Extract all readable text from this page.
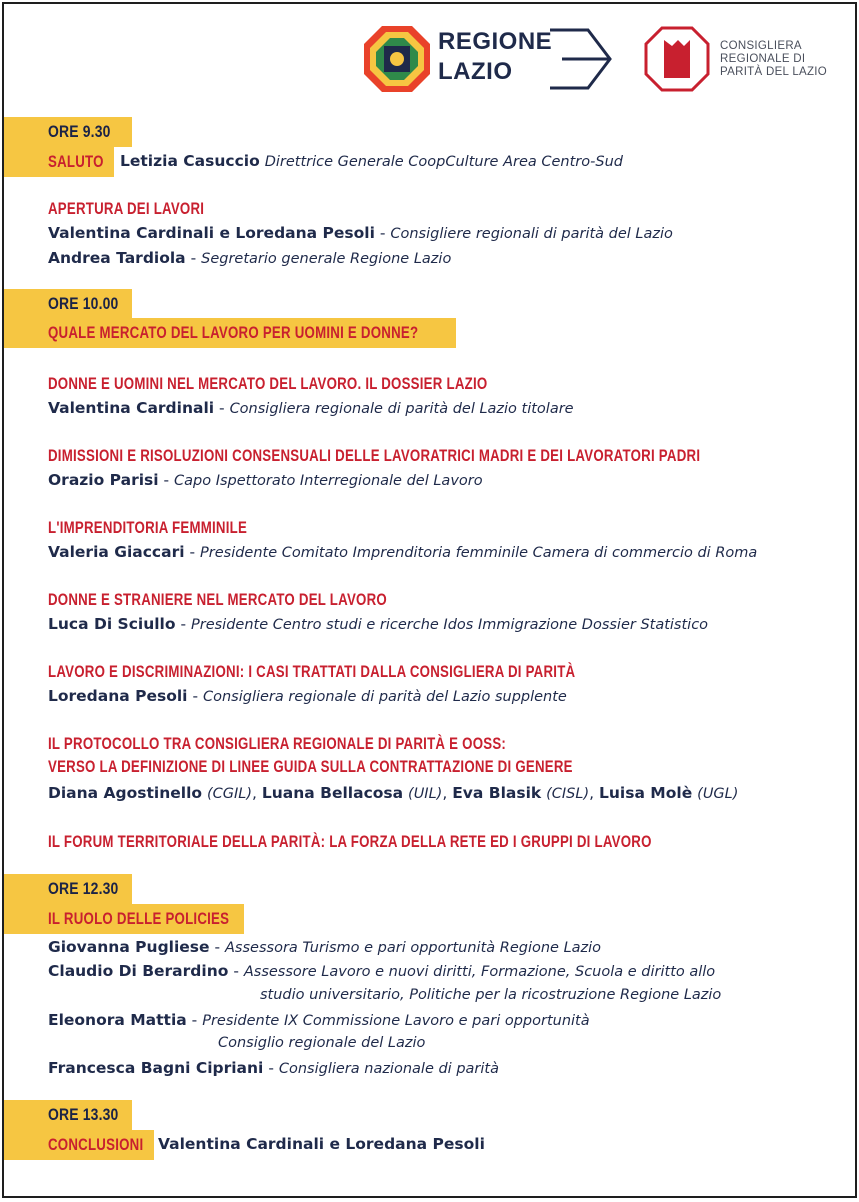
REGIONE
LAZIO
CONSIGLIERA
REGIONALE DI
PARITÀ DEL LAZIO
ORE 9.30
SALUTO Letizia Casuccio Direttrice Generale CoopCulture Area Centro-Sud
APERTURA DEI LAVORI
Valentina Cardinali e Loredana Pesoli - Consigliere regionali di parità del Lazio
Andrea Tardiola - Segretario generale Regione Lazio
ORE 10.00
QUALE MERCATO DEL LAVORO PER UOMINI E DONNE?
DONNE E UOMINI NEL MERCATO DEL LAVORO. IL DOSSIER LAZIO
Valentina Cardinali - Consigliera regionale di parità del Lazio titolare
DIMISSIONI E RISOLUZIONI CONSENSUALI DELLE LAVORATRICI MADRI E DEI LAVORATORI PADRI
Orazio Parisi - Capo Ispettorato Interregionale del Lavoro
L'IMPRENDITORIA FEMMINILE
Valeria Giaccari - Presidente Comitato Imprenditoria femminile Camera di commercio di Roma
DONNE E STRANIERE NEL MERCATO DEL LAVORO
Luca Di Sciullo - Presidente Centro studi e ricerche Idos Immigrazione Dossier Statistico
LAVORO E DISCRIMINAZIONI: I CASI TRATTATI DALLA CONSIGLIERA DI PARITÀ
Loredana Pesoli - Consigliera regionale di parità del Lazio supplente
IL PROTOCOLLO TRA CONSIGLIERA REGIONALE DI PARITÀ E OOSS:
VERSO LA DEFINIZIONE DI LINEE GUIDA SULLA CONTRATTAZIONE DI GENERE
Diana Agostinello (CGIL), Luana Bellacosa (UIL), Eva Blasik (CISL), Luisa Molè (UGL)
IL FORUM TERRITORIALE DELLA PARITÀ: LA FORZA DELLA RETE ED I GRUPPI DI LAVORO
ORE 12.30
IL RUOLO DELLE POLICIES
Giovanna Pugliese - Assessora Turismo e pari opportunità Regione Lazio
Claudio Di Berardino - Assessore Lavoro e nuovi diritti, Formazione, Scuola e diritto allo
studio universitario, Politiche per la ricostruzione Regione Lazio
Eleonora Mattia - Presidente IX Commissione Lavoro e pari opportunità
Consiglio regionale del Lazio
Francesca Bagni Cipriani - Consigliera nazionale di parità
ORE 13.30
CONCLUSIONI Valentina Cardinali e Loredana Pesoli
